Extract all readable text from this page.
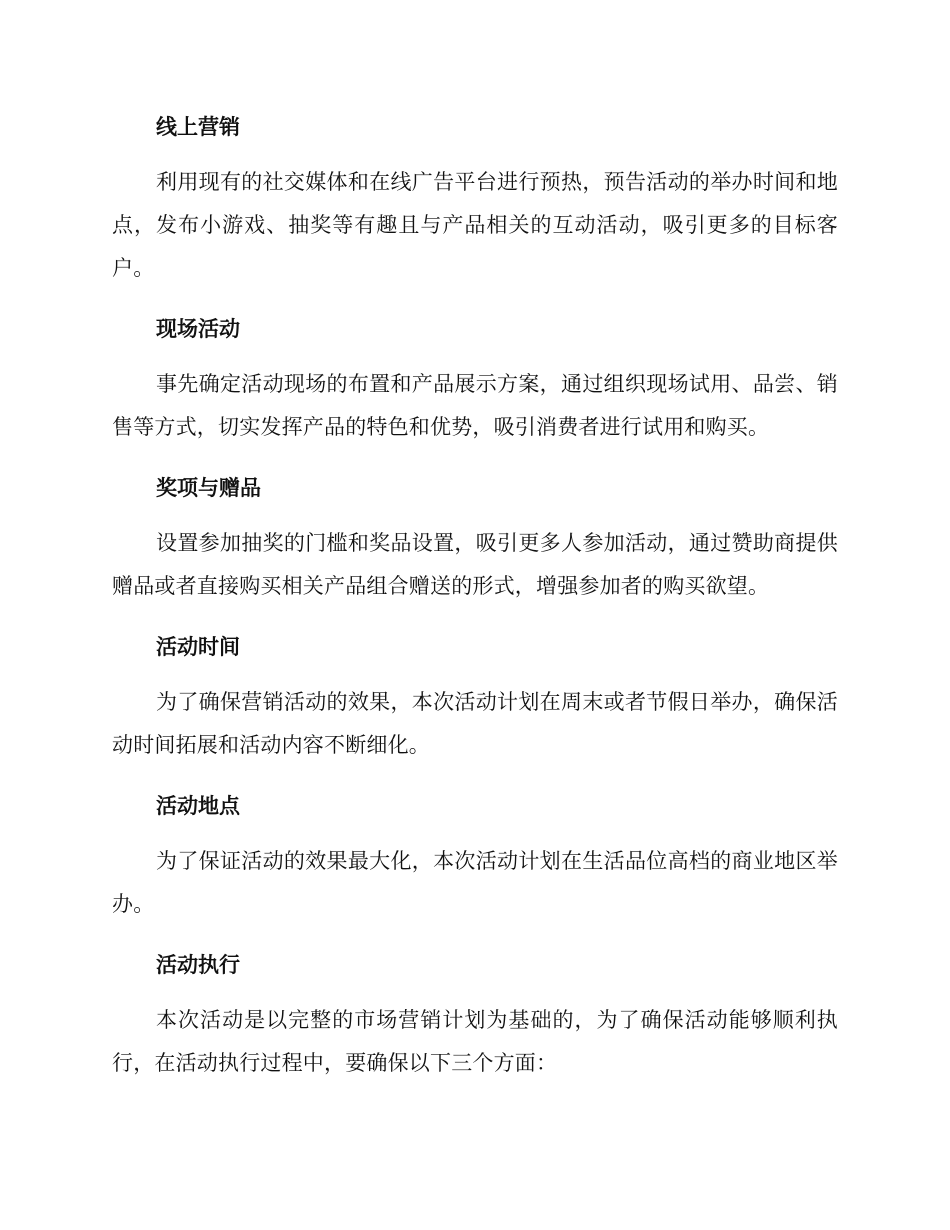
线上营销

利用现有的社交媒体和在线广告平台进行预热，预告活动的举办时间和地点，发布小游戏、抽奖等有趣且与产品相关的互动活动，吸引更多的目标客户。

现场活动

事先确定活动现场的布置和产品展示方案，通过组织现场试用、品尝、销售等方式，切实发挥产品的特色和优势，吸引消费者进行试用和购买。

奖项与赠品

设置参加抽奖的门槛和奖品设置，吸引更多人参加活动，通过赞助商提供赠品或者直接购买相关产品组合赠送的形式，增强参加者的购买欲望。

活动时间

为了确保营销活动的效果，本次活动计划在周末或者节假日举办，确保活动时间拓展和活动内容不断细化。

活动地点

为了保证活动的效果最大化，本次活动计划在生活品位高档的商业地区举办。

活动执行

本次活动是以完整的市场营销计划为基础的，为了确保活动能够顺利执行，在活动执行过程中，要确保以下三个方面：
